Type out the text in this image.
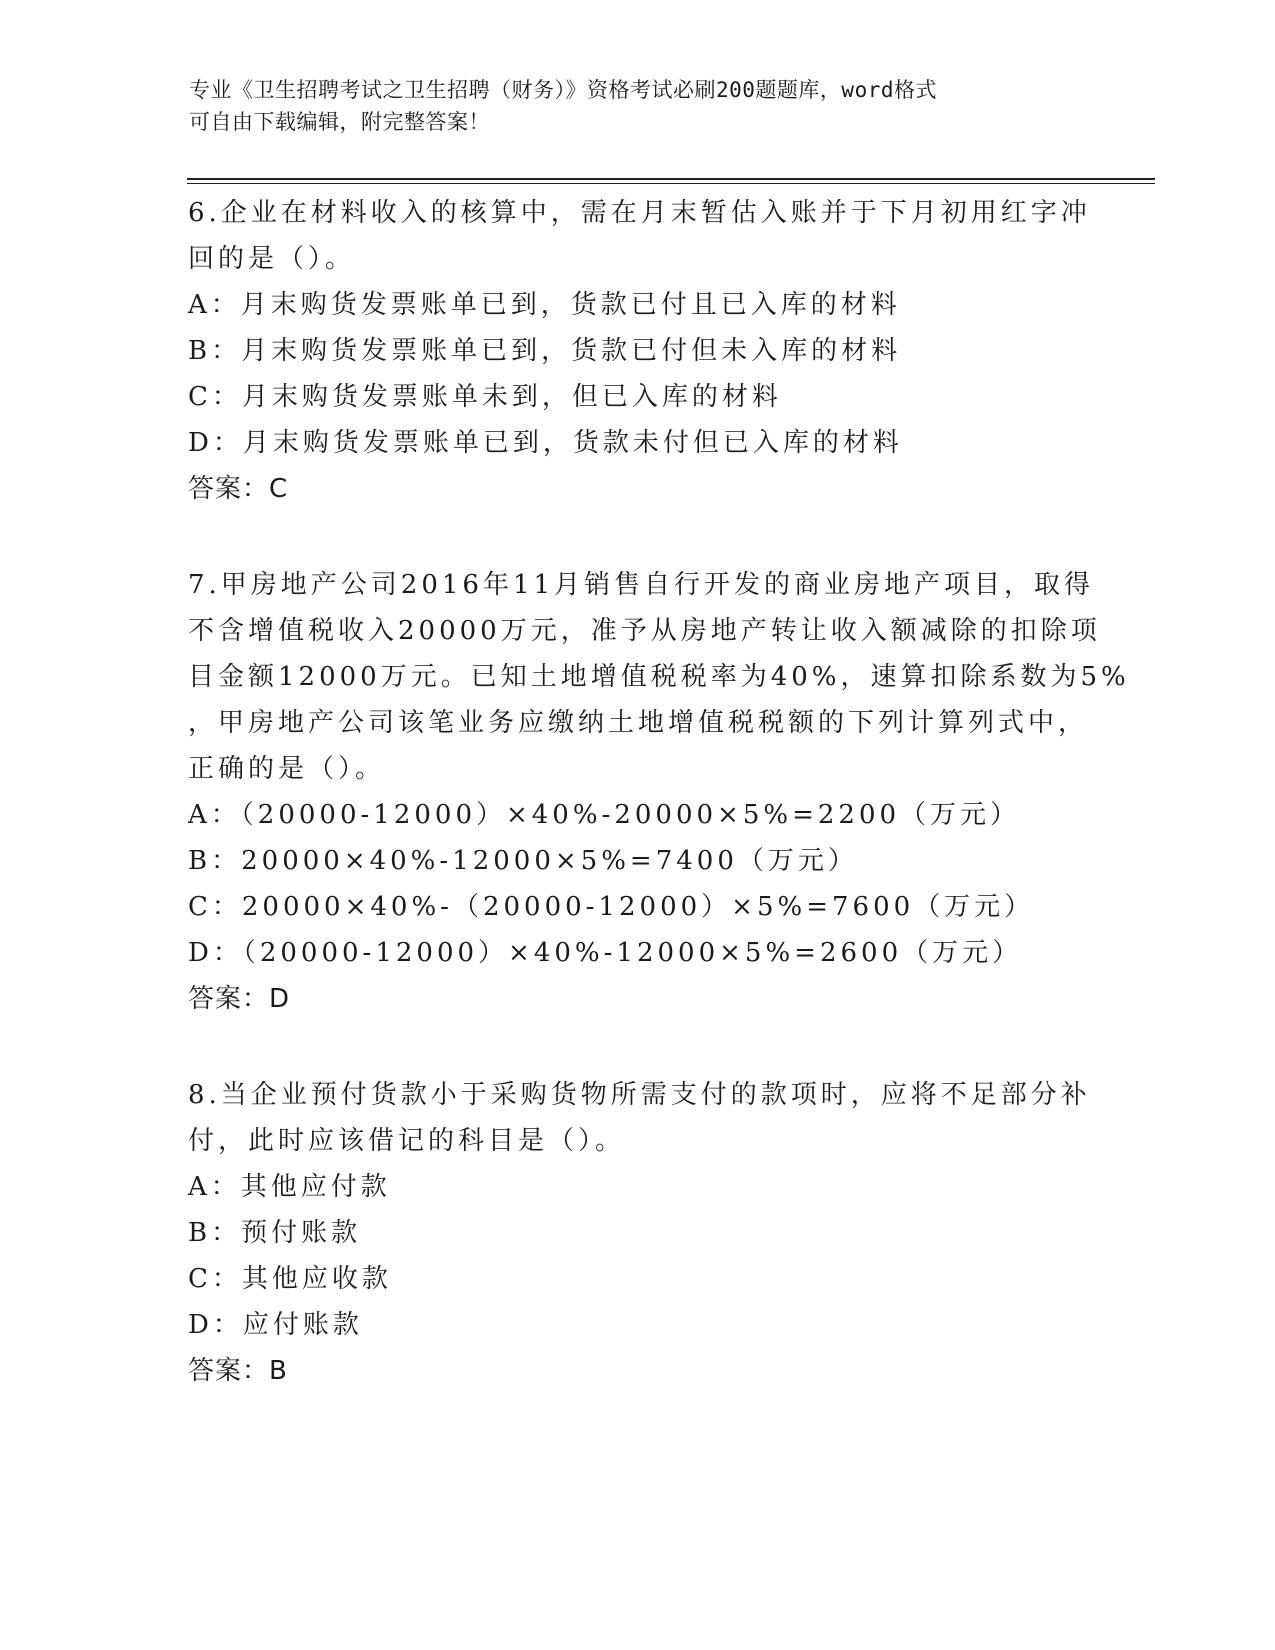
专业《卫生招聘考试之卫生招聘（财务）》资格考试必刷200题题库，word格式
可自由下载编辑，附完整答案！
6.企业在材料收入的核算中，需在月末暂估入账并于下月初用红字冲
回的是（）。
A：月末购货发票账单已到，货款已付且已入库的材料
B：月末购货发票账单已到，货款已付但未入库的材料
C：月末购货发票账单未到，但已入库的材料
D：月末购货发票账单已到，货款未付但已入库的材料
答案：C
7.甲房地产公司2016年11月销售自行开发的商业房地产项目，取得
不含增值税收入20000万元，准予从房地产转让收入额减除的扣除项
目金额12000万元。已知土地增值税税率为40%，速算扣除系数为5%
，甲房地产公司该笔业务应缴纳土地增值税税额的下列计算列式中，
正确的是（）。
A：（20000-12000）×40%-20000×5%=2200（万元）
B：20000×40%-12000×5%=7400（万元）
C：20000×40%-（20000-12000）×5%=7600（万元）
D：（20000-12000）×40%-12000×5%=2600（万元）
答案：D
8.当企业预付货款小于采购货物所需支付的款项时，应将不足部分补
付，此时应该借记的科目是（）。
A：其他应付款
B：预付账款
C：其他应收款
D：应付账款
答案：B
